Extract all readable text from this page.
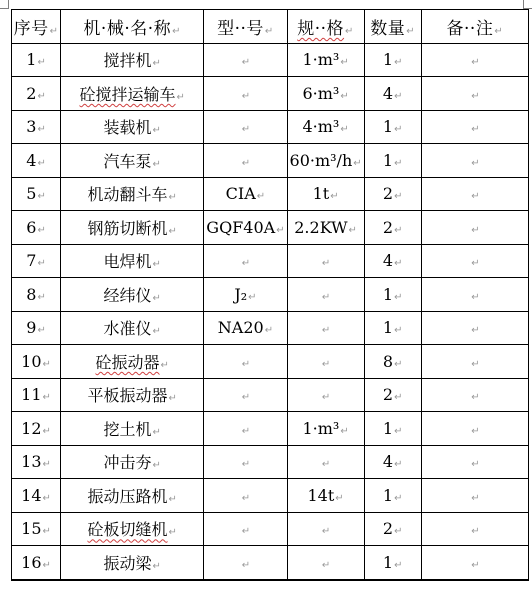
序号↵	机·械·名·称↵	型··号↵	规··格↵	数量↵	备··注↵
1↵	搅拌机↵	↵	1·m³↵	1↵	↵
2↵	砼搅拌运输车↵	↵	6·m³↵	4↵	↵
3↵	装载机↵	↵	4·m³↵	1↵	↵
4↵	汽车泵↵	↵	60·m³/h↵	1↵	↵
5↵	机动翻斗车↵	CIA↵	1t↵	2↵	↵
6↵	钢筋切断机↵	GQF40A↵	2.2KW↵	2↵	↵
7↵	电焊机↵	↵	↵	4↵	↵
8↵	经纬仪↵	J₂↵	↵	1↵	↵
9↵	水准仪↵	NA20↵	↵	1↵	↵
10↵	砼振动器↵	↵	↵	8↵	↵
11↵	平板振动器↵	↵	↵	2↵	↵
12↵	挖土机↵	↵	1·m³↵	1↵	↵
13↵	冲击夯↵	↵	↵	4↵	↵
14↵	振动压路机↵	↵	14t↵	1↵	↵
15↵	砼板切缝机↵	↵	↵	2↵	↵
16↵	振动梁↵	↵	↵	1↵	↵
